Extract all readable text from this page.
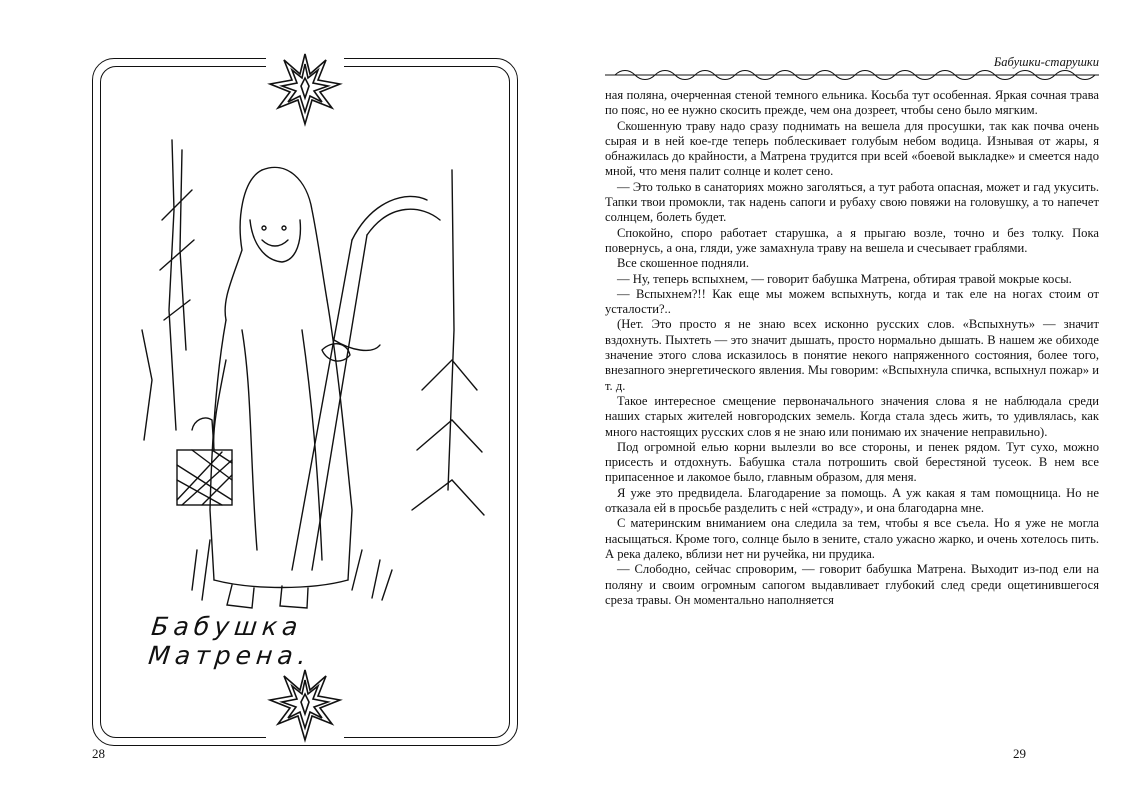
Бабушка Матрена.
28
Бабушки-старушки

ная поляна, очерченная стеной темного ельника. Косьба тут особенная. Яркая сочная трава по пояс, но ее нужно скосить прежде, чем она дозреет, чтобы сено было мягким.

Скошенную траву надо сразу поднимать на вешела для просушки, так как почва очень сырая и в ней кое-где теперь поблескивает голубым небом водица. Изнывая от жары, я обнажилась до крайности, а Матрена трудится при всей «боевой выкладке» и смеется надо мной, что меня палит солнце и колет сено.

— Это только в санаториях можно заголяться, а тут работа опасная, может и гад укусить. Тапки твои промокли, так надень сапоги и рубаху свою повяжи на головушку, а то напечет солнцем, болеть будет.

Спокойно, споро работает старушка, а я прыгаю возле, точно и без толку. Пока повернусь, а она, гляди, уже замахнула траву на вешела и счесывает граблями.

Все скошенное подняли.

— Ну, теперь вспыхнем, — говорит бабушка Матрена, обтирая травой мокрые косы.

— Вспыхнем?!! Как еще мы можем вспыхнуть, когда и так еле на ногах стоим от усталости?..

(Нет. Это просто я не знаю всех исконно русских слов. «Вспыхнуть» — значит вздохнуть. Пыхтеть — это значит дышать, просто нормально дышать. В нашем же обиходе значение этого слова исказилось в понятие некого напряженного состояния, более того, внезапного энергетического явления. Мы говорим: «Вспыхнула спичка, вспыхнул пожар» и т. д.

Такое интересное смещение первоначального значения слова я не наблюдала среди наших старых жителей новгородских земель. Когда стала здесь жить, то удивлялась, как много настоящих русских слов я не знаю или понимаю их значение неправильно).

Под огромной елью корни вылезли во все стороны, и пенек рядом. Тут сухо, можно присесть и отдохнуть. Бабушка стала потрошить свой берестяной тусеок. В нем все припасенное и лакомое было, главным образом, для меня.

Я уже это предвидела. Благодарение за помощь. А уж какая я там помощница. Но не отказала ей в просьбе разделить с ней «страду», и она благодарна мне.

С материнским вниманием она следила за тем, чтобы я все съела. Но я уже не могла насыщаться. Кроме того, солнце было в зените, стало ужасно жарко, и очень хотелось пить. А река далеко, вблизи нет ни ручейка, ни прудика.

— Слободно, сейчас спроворим, — говорит бабушка Матрена. Выходит из-под ели на поляну и своим огромным сапогом выдавливает глубокий след среди ощетинившегося среза травы. Он моментально наполняется

29
